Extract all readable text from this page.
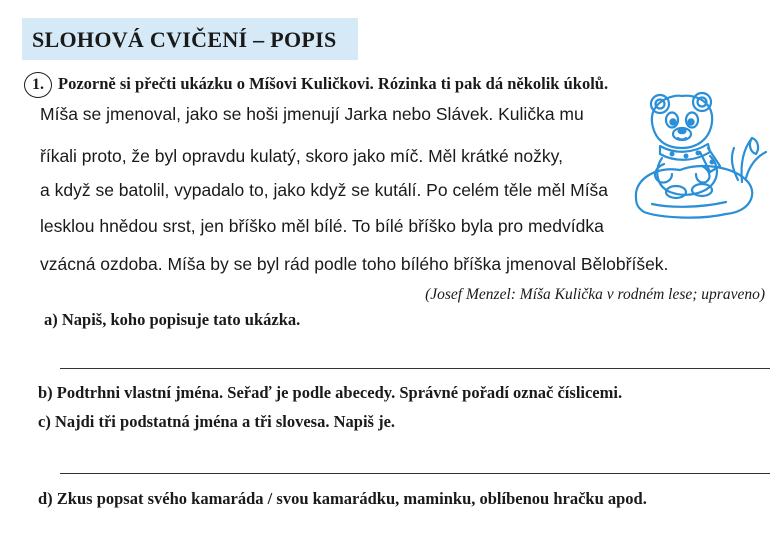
SLOHOVÁ CVIČENÍ – POPIS
1. Pozorně si přečti ukázku o Míšovi Kuličkovi. Rózinka ti pak dá několik úkolů.
Míša se jmenoval, jako se hoši jmenují Jarka nebo Slávek. Kulička mu
říkali proto, že byl opravdu kulatý, skoro jako míč. Měl krátké nožky,
a když se batolil, vypadalo to, jako když se kutálí. Po celém těle měl Míša
lesklou hnědou srst, jen bříško měl bílé. To bílé bříško byla pro medvídka
vzácná ozdoba. Míša by se byl rád podle toho bílého bříška jmenoval Bělobříšek.
(Josef Menzel: Míša Kulička v rodném lese; upraveno)
a) Napiš, koho popisuje tato ukázka.
b) Podtrhni vlastní jména. Seřaď je podle abecedy. Správné pořadí označ číslicemi.
c) Najdi tři podstatná jména a tři slovesa. Napiš je.
d) Zkus popsat svého kamaráda / svou kamarádku, maminku, oblíbenou hračku apod.
